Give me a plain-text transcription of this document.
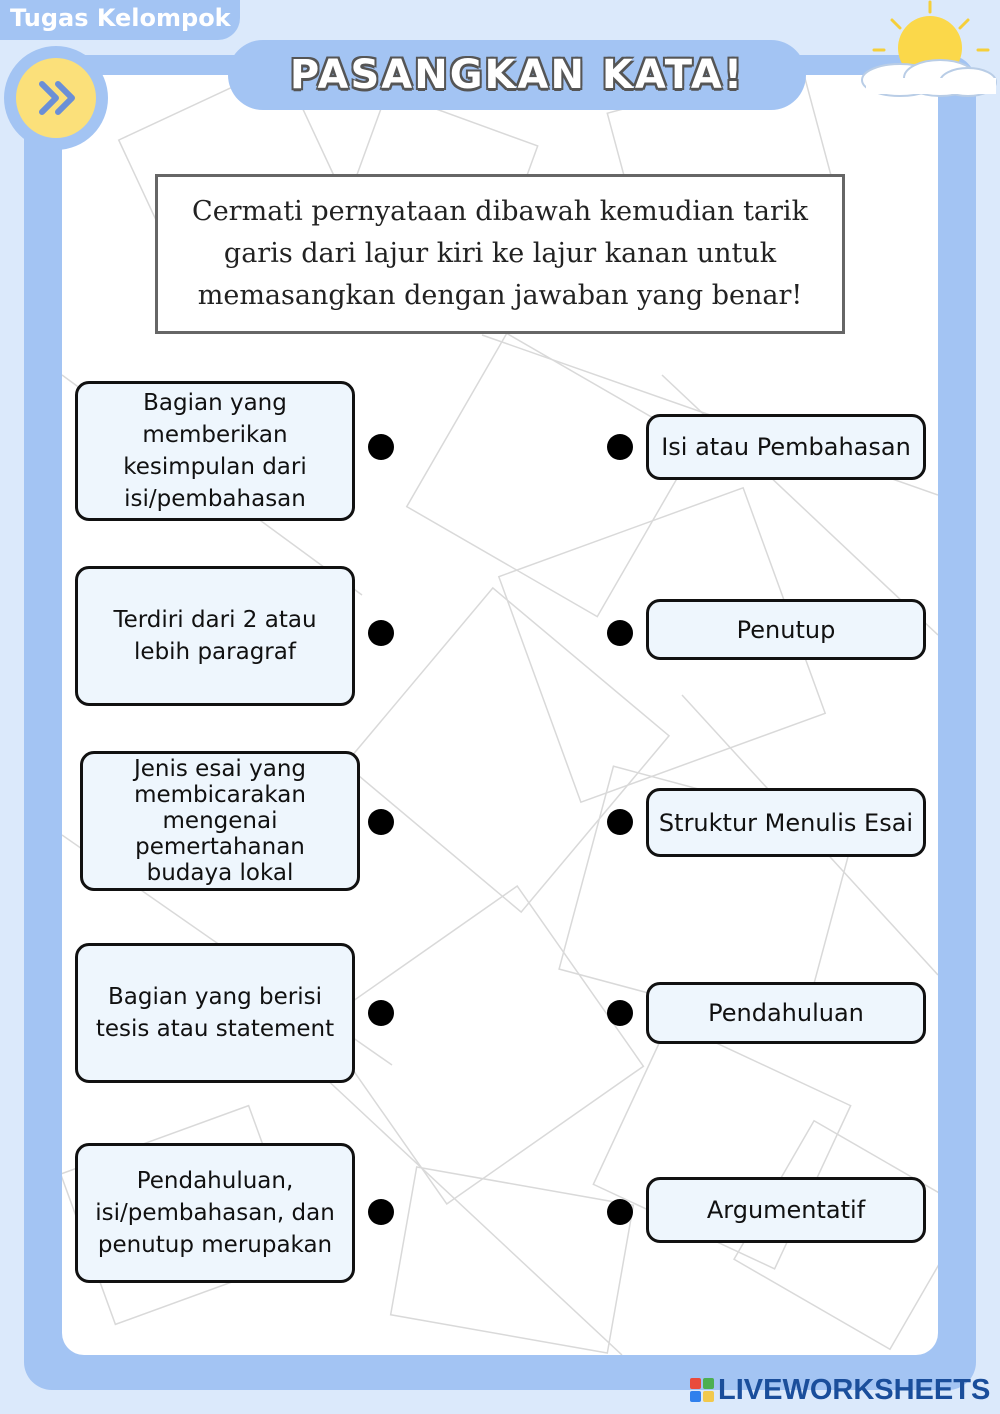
Tugas Kelompok
PASANGKAN KATA!
Cermati pernyataan dibawah kemudian tarik garis dari lajur kiri ke lajur kanan untuk memasangkan dengan jawaban yang benar!
Bagian yang memberikan kesimpulan dari isi/pembahasan
Terdiri dari 2 atau lebih paragraf
Jenis esai yang membicarakan mengenai pemertahanan budaya lokal
Bagian yang berisi tesis atau statement
Pendahuluan, isi/pembahasan, dan penutup merupakan
Isi atau Pembahasan
Penutup
Struktur Menulis Esai
Pendahuluan
Argumentatif
LIVEWORKSHEETS
